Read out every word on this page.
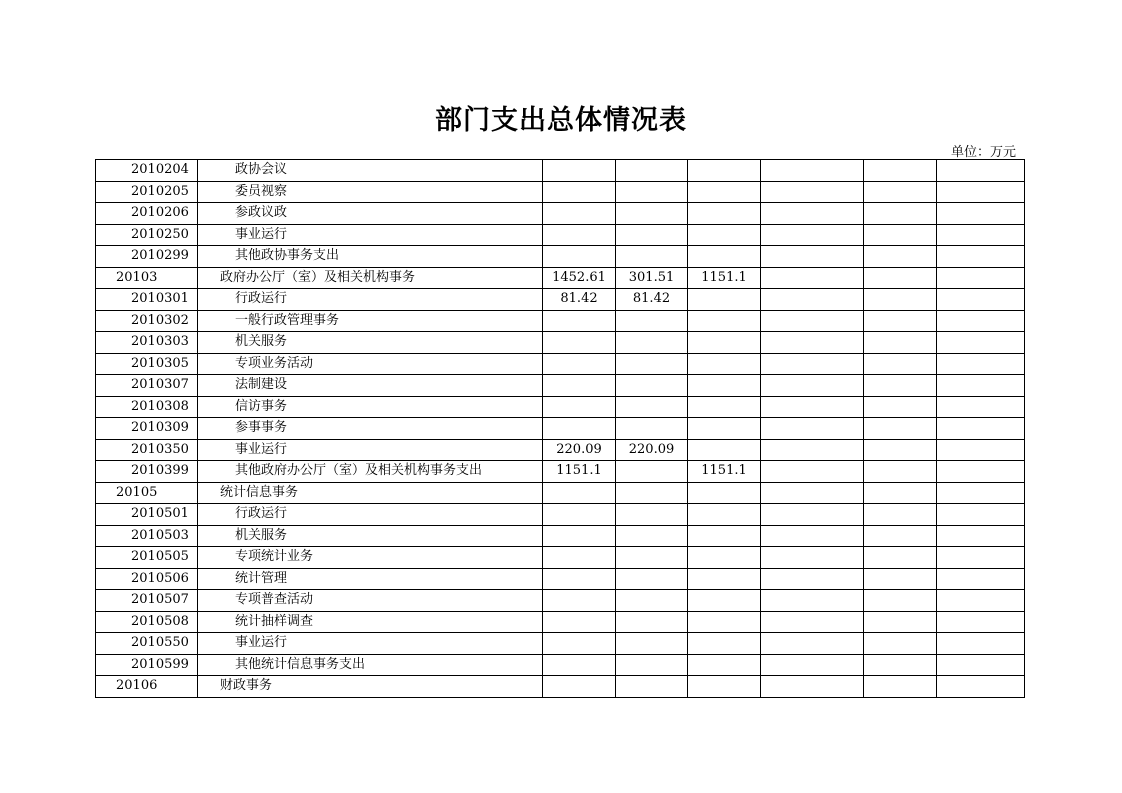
部门支出总体情况表
单位：万元
2010204	政协会议						
2010205	委员视察						
2010206	参政议政						
2010250	事业运行						
2010299	其他政协事务支出						
20103	政府办公厅（室）及相关机构事务	1452.61	301.51	1151.1			
2010301	行政运行	81.42	81.42				
2010302	一般行政管理事务						
2010303	机关服务						
2010305	专项业务活动						
2010307	法制建设						
2010308	信访事务						
2010309	参事事务						
2010350	事业运行	220.09	220.09				
2010399	其他政府办公厅（室）及相关机构事务支出	1151.1		1151.1			
20105	统计信息事务						
2010501	行政运行						
2010503	机关服务						
2010505	专项统计业务						
2010506	统计管理						
2010507	专项普查活动						
2010508	统计抽样调查						
2010550	事业运行						
2010599	其他统计信息事务支出						
20106	财政事务						
